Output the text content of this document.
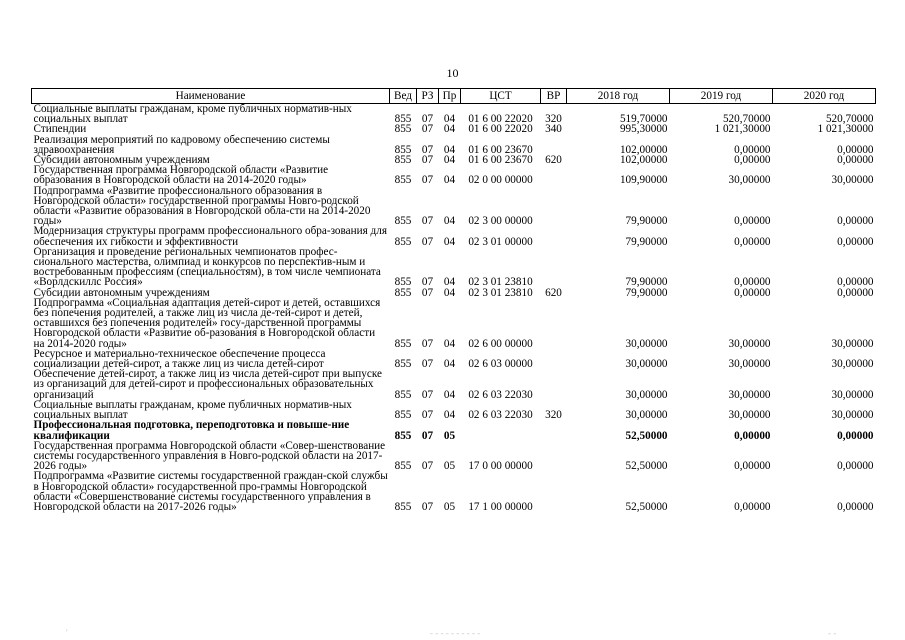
10
Наименование	Вед	РЗ	Пр	ЦСТ	ВР	2018 год	2019 год	2020 год
Социальные выплаты гражданам, кроме публичных норматив-ных социальных выплат	855	07	04	01 6 00 22020	320	519,70000	520,70000	520,70000
Стипендии	855	07	04	01 6 00 22020	340	995,30000	1 021,30000	1 021,30000
Реализация мероприятий по кадровому обеспечению системы здравоохранения	855	07	04	01 6 00 23670		102,00000	0,00000	0,00000
Субсидии автономным учреждениям	855	07	04	01 6 00 23670	620	102,00000	0,00000	0,00000
Государственная программа Новгородской области «Развитие образования в Новгородской области на 2014-2020 годы»	855	07	04	02 0 00 00000		109,90000	30,00000	30,00000
Подпрограмма «Развитие профессионального образования в Новгородской области» государственной программы Новго-родской области «Развитие образования в Новгородской обла-сти на 2014-2020 годы»	855	07	04	02 3 00 00000		79,90000	0,00000	0,00000
Модернизация структуры программ профессионального обра-зования для обеспечения их гибкости и эффективности	855	07	04	02 3 01 00000		79,90000	0,00000	0,00000
Организация и проведение региональных чемпионатов профес-сионального мастерства, олимпиад и конкурсов по перспектив-ным и востребованным профессиям (специальностям), в том числе чемпионата «Ворлдскиллс Россия»	855	07	04	02 3 01 23810		79,90000	0,00000	0,00000
Субсидии автономным учреждениям	855	07	04	02 3 01 23810	620	79,90000	0,00000	0,00000
Подпрограмма «Социальная адаптация детей-сирот и детей, оставшихся без попечения родителей, а также лиц из числа де-тей-сирот и детей, оставшихся без попечения родителей» госу-дарственной программы Новгородской области «Развитие об-разования в Новгородской области на 2014-2020 годы»	855	07	04	02 6 00 00000		30,00000	30,00000	30,00000
Ресурсное и материально-техническое обеспечение процесса социализации детей-сирот, а также лиц из числа детей-сирот	855	07	04	02 6 03 00000		30,00000	30,00000	30,00000
Обеспечение детей-сирот, а также лиц из числа детей-сирот при выпуске из организаций для детей-сирот и профессиональных образовательных организаций	855	07	04	02 6 03 22030		30,00000	30,00000	30,00000
Социальные выплаты гражданам, кроме публичных норматив-ных социальных выплат	855	07	04	02 6 03 22030	320	30,00000	30,00000	30,00000
Профессиональная подготовка, переподготовка и повыше-ние квалификации	855	07	05			52,50000	0,00000	0,00000
Государственная программа Новгородской области «Совер-шенствование системы государственного управления в Новго-родской области на 2017-2026 годы»	855	07	05	17 0 00 00000		52,50000	0,00000	0,00000
Подпрограмма «Развитие системы государственной граждан-ской службы в Новгородской области» государственной про-граммы Новгородской области «Совершенствование системы государственного управления в Новгородской области на 2017-2026 годы»	855	07	05	17 1 00 00000		52,50000	0,00000	0,00000
'	- - - - - - - - - -	- -
